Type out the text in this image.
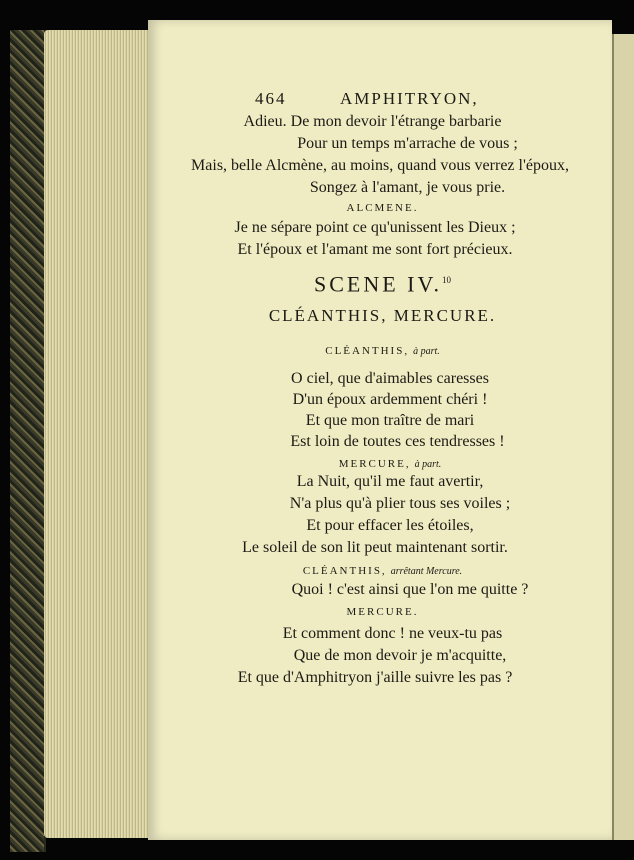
464	AMPHITRYON,
Adieu. De mon devoir l'étrange barbarie
Pour un temps m'arrache de vous ;
Mais, belle Alcmène, au moins, quand vous verrez l'époux,
Songez à l'amant, je vous prie.
ALCMENE.
Je ne sépare point ce qu'unissent les Dieux ;
Et l'époux et l'amant me sont fort précieux.
SCENE IV.$^{10}$
CLÉANTHIS, MERCURE.
CLÉANTHIS, à part.
O ciel, que d'aimables caresses
D'un époux ardemment chéri !
Et que mon traître de mari
Est loin de toutes ces tendresses !
MERCURE, à part.
La Nuit, qu'il me faut avertir,
N'a plus qu'à plier tous ses voiles ;
Et pour effacer les étoiles,
Le soleil de son lit peut maintenant sortir.
CLÉANTHIS, arrêtant Mercure.
Quoi ! c'est ainsi que l'on me quitte ?
MERCURE.
Et comment donc ! ne veux-tu pas
Que de mon devoir je m'acquitte,
Et que d'Amphitryon j'aille suivre les pas ?
